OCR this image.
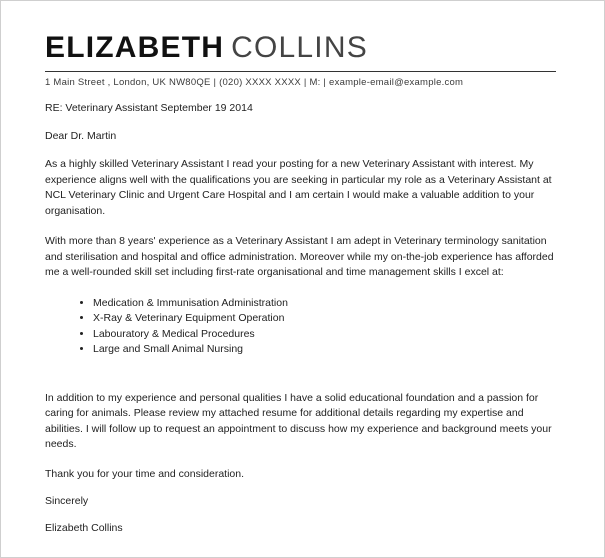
ELIZABETH COLLINS
1 Main Street , London, UK NW80QE | (020) XXXX XXXX | M: | example-email@example.com
RE: Veterinary Assistant September 19 2014
Dear Dr. Martin

As a highly skilled Veterinary Assistant I read your posting for a new Veterinary Assistant with interest. My experience aligns well with the qualifications you are seeking in particular my role as a Veterinary Assistant at NCL Veterinary Clinic and Urgent Care Hospital and I am certain I would make a valuable addition to your organisation.

With more than 8 years' experience as a Veterinary Assistant I am adept in Veterinary terminology sanitation and sterilisation and hospital and office administration. Moreover while my on-the-job experience has afforded me a well-rounded skill set including first-rate organisational and time management skills I excel at:

• Medication & Immunisation Administration
• X-Ray & Veterinary Equipment Operation
• Labouratory & Medical Procedures
• Large and Small Animal Nursing

In addition to my experience and personal qualities I have a solid educational foundation and a passion for caring for animals. Please review my attached resume for additional details regarding my expertise and abilities. I will follow up to request an appointment to discuss how my experience and background meets your needs.

Thank you for your time and consideration.

Sincerely

Elizabeth Collins
